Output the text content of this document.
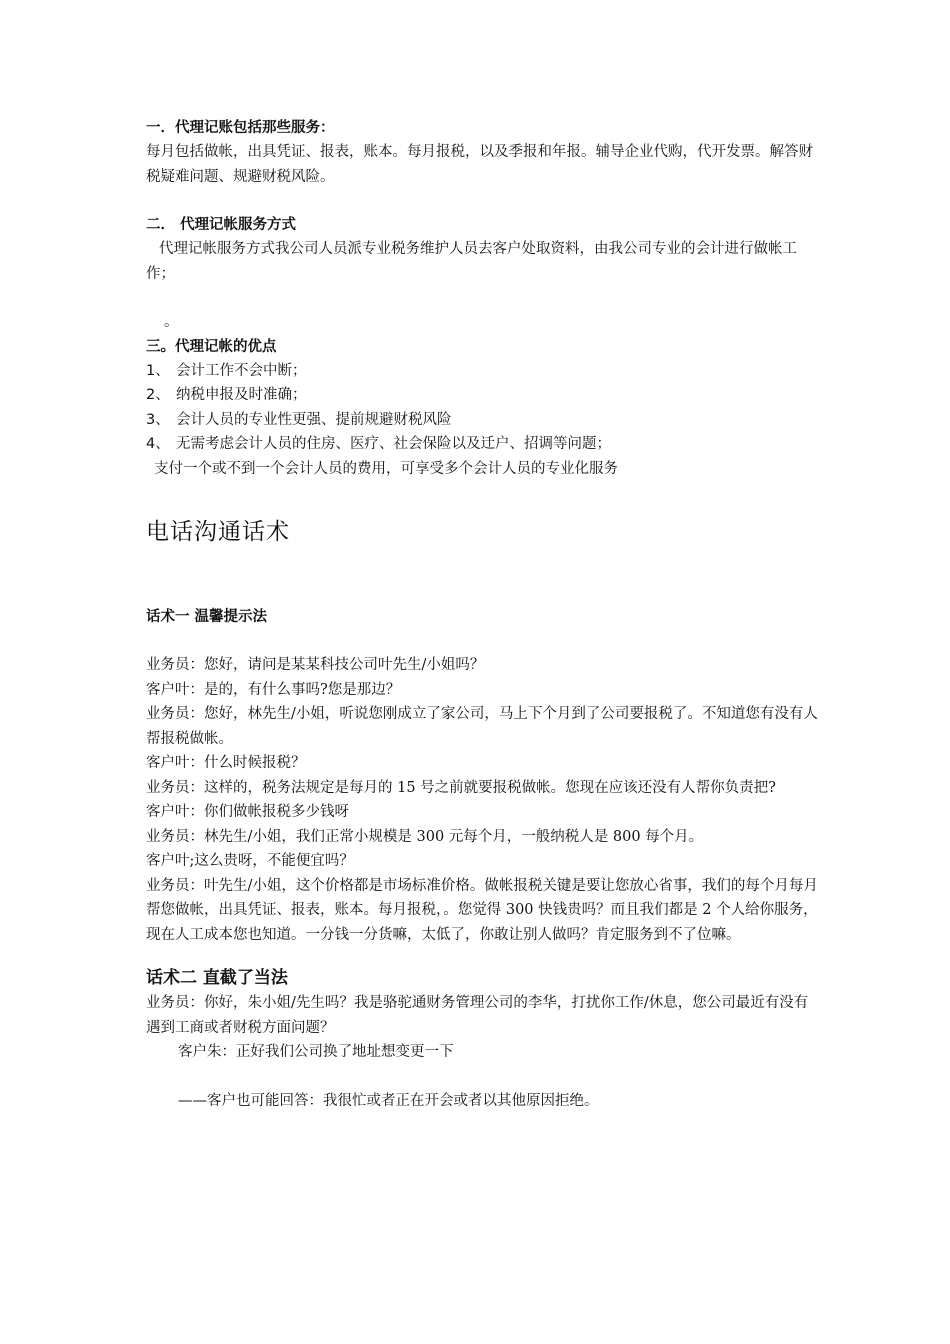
一．代理记账包括那些服务：

每月包括做帐，出具凭证、报表，账本。每月报税，以及季报和年报。辅导企业代购，代开发票。解答财税疑难问题、规避财税风险。

二． 代理记帐服务方式

代理记帐服务方式我公司人员派专业税务维护人员去客户处取资料，由我公司专业的会计进行做帐工作；

。

三。代理记帐的优点
1、 会计工作不会中断；
2、 纳税申报及时准确；
3、 会计人员的专业性更强、提前规避财税风险
4、 无需考虑会计人员的住房、医疗、社会保险以及迁户、招调等问题；

支付一个或不到一个会计人员的费用，可享受多个会计人员的专业化服务

电话沟通话术
话术一 温馨提示法

业务员：您好，请问是某某科技公司叶先生/小姐吗？

客户叶：是的，有什么事吗?您是那边？

业务员：您好，林先生/小姐，听说您刚成立了家公司，马上下个月到了公司要报税了。不知道您有没有人帮报税做帐。

客户叶：什么时候报税？

业务员：这样的，税务法规定是每月的 15 号之前就要报税做帐。您现在应该还没有人帮你负责把?

客户叶：你们做帐报税多少钱呀

业务员：林先生/小姐，我们正常小规模是 300 元每个月，一般纳税人是 800 每个月。

客户叶;这么贵呀，不能便宜吗？

业务员：叶先生/小姐，这个价格都是市场标准价格。做帐报税关键是要让您放心省事，我们的每个月每月帮您做帐，出具凭证、报表，账本。每月报税，。您觉得 300 快钱贵吗？而且我们都是 2 个人给你服务，现在人工成本您也知道。一分钱一分货嘛，太低了，你敢让别人做吗？肯定服务到不了位嘛。

话术二 直截了当法

业务员：你好，朱小姐/先生吗？我是骆驼通财务管理公司的李华，打扰你工作/休息，您公司最近有没有遇到工商或者财税方面问题？

客户朱：正好我们公司换了地址想变更一下

——客户也可能回答：我很忙或者正在开会或者以其他原因拒绝。
